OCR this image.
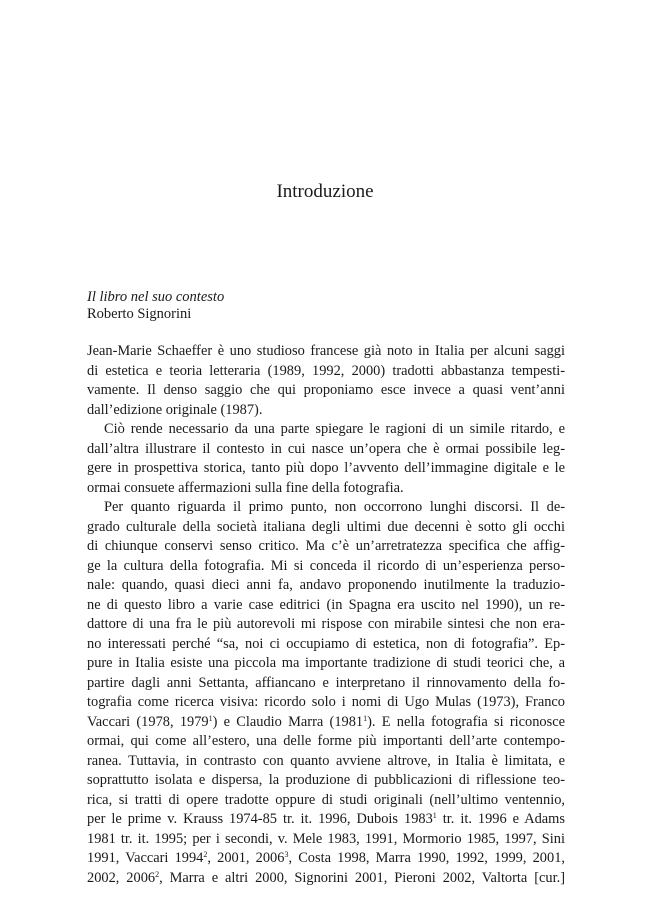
Introduzione
Il libro nel suo contesto
Roberto Signorini
Jean-Marie Schaeffer è uno studioso francese già noto in Italia per alcuni saggi
di estetica e teoria letteraria (1989, 1992, 2000) tradotti abbastanza tempesti-
vamente. Il denso saggio che qui proponiamo esce invece a quasi vent’anni
dall’edizione originale (1987).
Ciò rende necessario da una parte spiegare le ragioni di un simile ritardo, e
dall’altra illustrare il contesto in cui nasce un’opera che è ormai possibile leg-
gere in prospettiva storica, tanto più dopo l’avvento dell’immagine digitale e le
ormai consuete affermazioni sulla fine della fotografia.
Per quanto riguarda il primo punto, non occorrono lunghi discorsi. Il de-
grado culturale della società italiana degli ultimi due decenni è sotto gli occhi
di chiunque conservi senso critico. Ma c’è un’arretratezza specifica che affig-
ge la cultura della fotografia. Mi si conceda il ricordo di un’esperienza perso-
nale: quando, quasi dieci anni fa, andavo proponendo inutilmente la traduzio-
ne di questo libro a varie case editrici (in Spagna era uscito nel 1990), un re-
dattore di una fra le più autorevoli mi rispose con mirabile sintesi che non era-
no interessati perché “sa, noi ci occupiamo di estetica, non di fotografia”. Ep-
pure in Italia esiste una piccola ma importante tradizione di studi teorici che, a
partire dagli anni Settanta, affiancano e interpretano il rinnovamento della fo-
tografia come ricerca visiva: ricordo solo i nomi di Ugo Mulas (1973), Franco
Vaccari (1978, 1979$^1$) e Claudio Marra (1981$^1$). E nella fotografia si riconosce
ormai, qui come all’estero, una delle forme più importanti dell’arte contempo-
ranea. Tuttavia, in contrasto con quanto avviene altrove, in Italia è limitata, e
soprattutto isolata e dispersa, la produzione di pubblicazioni di riflessione teo-
rica, si tratti di opere tradotte oppure di studi originali (nell’ultimo ventennio,
per le prime v. Krauss 1974-85 tr. it. 1996, Dubois 1983$^1$ tr. it. 1996 e Adams
1981 tr. it. 1995; per i secondi, v. Mele 1983, 1991, Mormorio 1985, 1997, Sini
1991, Vaccari 1994$^2$, 2001, 2006$^3$, Costa 1998, Marra 1990, 1992, 1999, 2001,
2002, 2006$^2$, Marra e altri 2000, Signorini 2001, Pieroni 2002, Valtorta [cur.]
